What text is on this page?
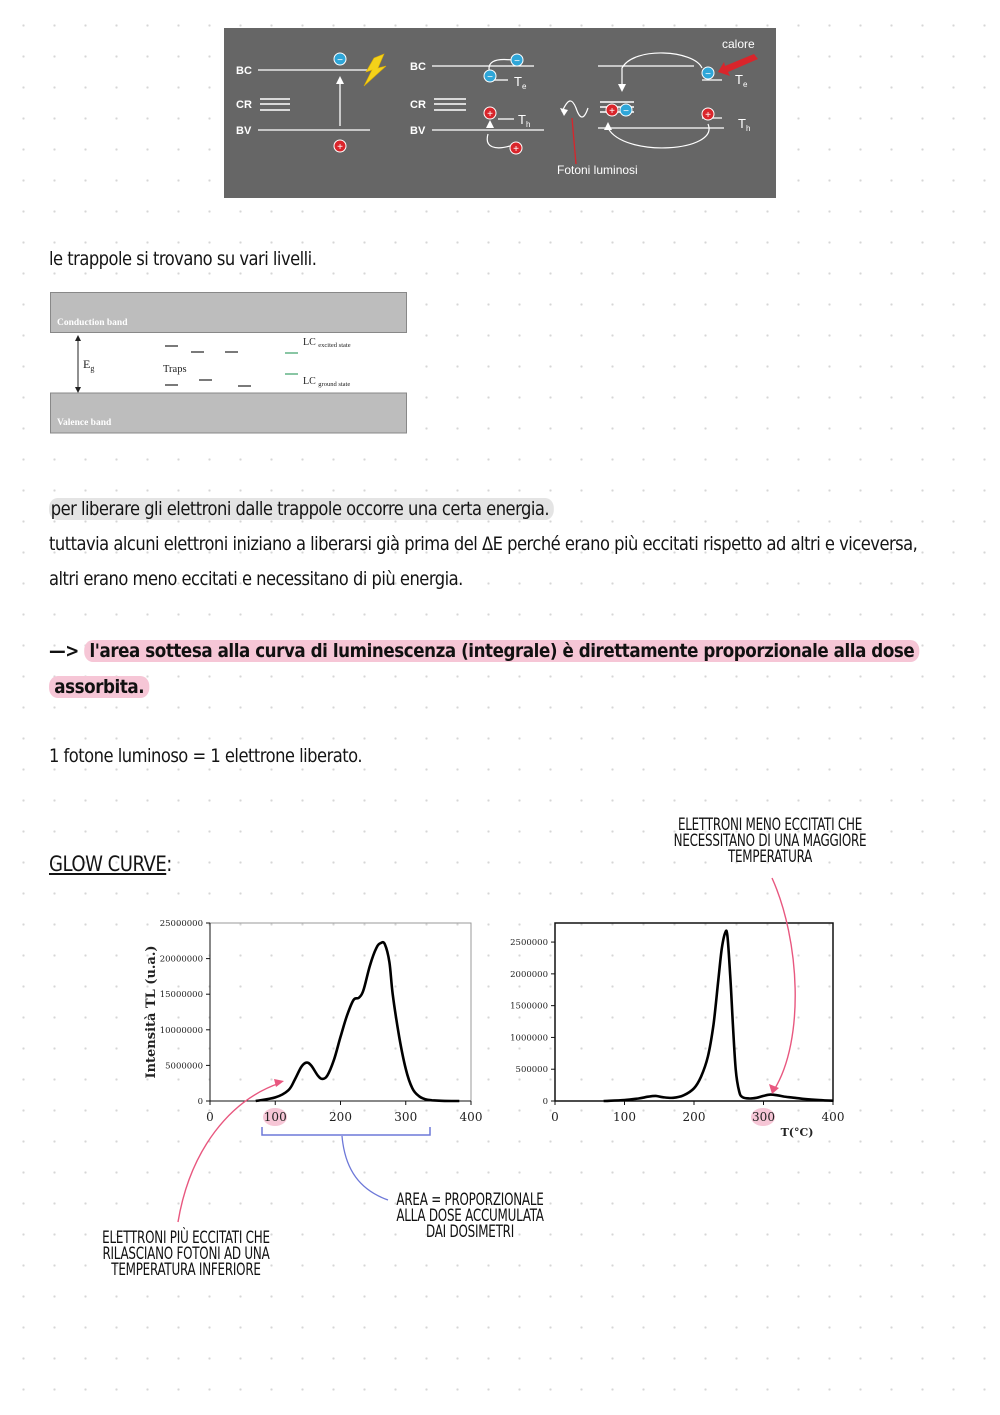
BC
CR
BV
−
+
BC
CR
BV
−
− $T_e$
+ $T_h$
+
− $T_e$
+ −	+
$T_h$
calore
Fotoni luminosi
le trappole si trovano su vari livelli.
Conduction band
Valence band
$E_g$	Traps
LC $_{excited state}$
LC $_{ground state}$
per liberare gli elettroni dalle trappole occorre una certa energia.
tuttavia alcuni elettroni iniziano a liberarsi già prima del ΔE perché erano più eccitati rispetto ad altri e viceversa,
altri erano meno eccitati e necessitano di più energia.
—> l'area sottesa alla curva di luminescenza (integrale) è direttamente proporzionale alla dose assorbita.
1 fotone luminoso = 1 elettrone liberato.
GLOW CURVE:
Intensità TL (u.a.)
0	100	200	300	400
0
5000000
10000000
15000000
20000000
25000000
T(°C)
0	100	200	300	400
0
500000
1000000
1500000
2000000
2500000
ELETTRONI PIÙ ECCITATI CHE
RILASCIANO FOTONI AD UNA
TEMPERATURA INFERIORE
AREA = PROPORZIONALE
ALLA DOSE ACCUMULATA
DAI DOSIMETRI
ELETTRONI MENO ECCITATI CHE
NECESSITANO DI UNA MAGGIORE
TEMPERATURA
